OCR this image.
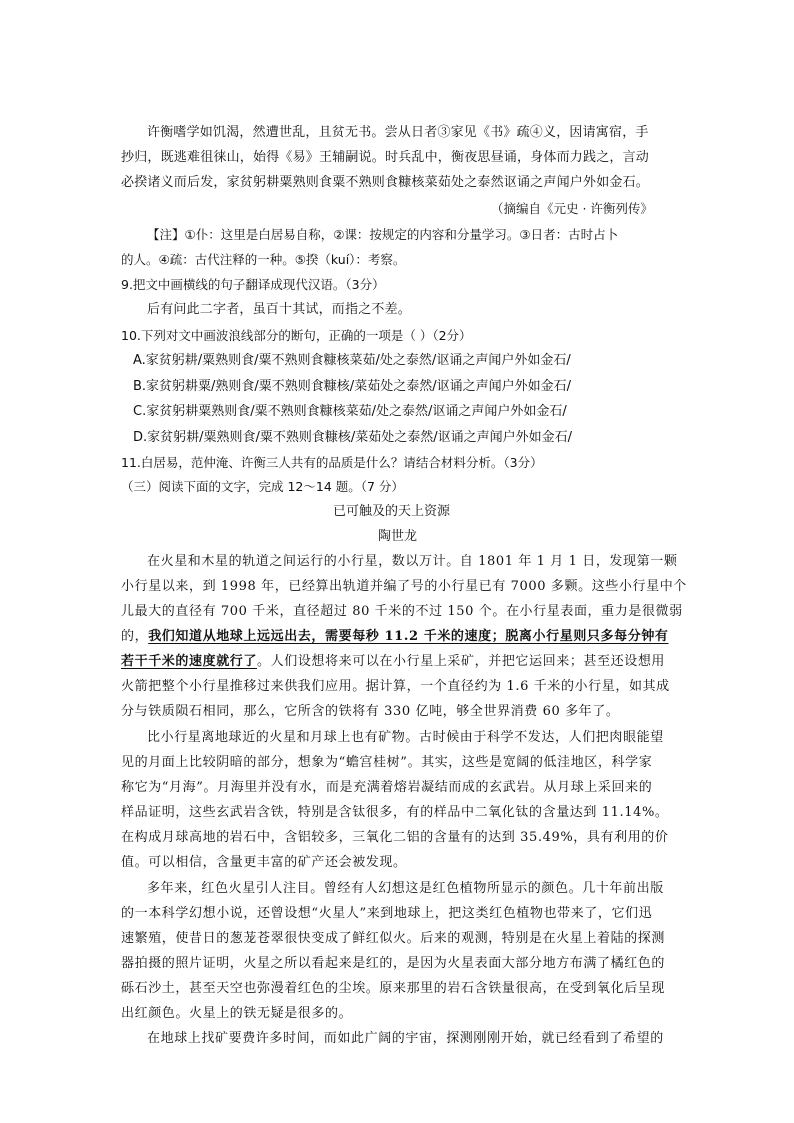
许衡嗜学如饥渴，然遭世乱，且贫无书。尝从日者③家见《书》疏④义，因请寓宿，手
抄归，既逃难徂徕山，始得《易》王辅嗣说。时兵乱中，衡夜思昼诵，身体而力践之，言动
必揆诸义而后发，家贫躬耕粟熟则食粟不熟则食糠核菜茹处之泰然讴诵之声闻户外如金石。
（摘编自《元史 · 许衡列传》
【注】①仆：这里是白居易自称，②课：按规定的内容和分量学习。③日者：古时占卜
的人。④疏：古代注释的一种。⑤揆（kuí）：考察。
9.把文中画横线的句子翻译成现代汉语。（3分）
后有问此二字者，虽百十其试，而指之不差。
10.下列对文中画波浪线部分的断句，正确的一项是（ ）（2分）
A.家贫躬耕/粟熟则食/粟不熟则食糠核菜茹/处之泰然/讴诵之声闻户外如金石/
B.家贫躬耕粟/熟则食/粟不熟则食糠核/菜茹处之泰然/讴诵之声闻户外如金石/
C.家贫躬耕粟熟则食/粟不熟则食糠核菜茹/处之泰然/讴诵之声闻户外如金石/
D.家贫躬耕/粟熟则食/粟不熟则食糠核/菜茹处之泰然/讴诵之声闻户外如金石/
11.白居易，范仲淹、许衡三人共有的品质是什么？请结合材料分析。（3分）
（三）阅读下面的文字，完成 12～14 题。（7 分）
已可触及的天上资源
陶世龙
在火星和木星的轨道之间运行的小行星，数以万计。自 1801 年 1 月 1 日，发现第一颗
小行星以来，到 1998 年，已经算出轨道并编了号的小行星已有 7000 多颗。这些小行星中个
儿最大的直径有 700 千米，直径超过 80 千米的不过 150 个。在小行星表面，重力是很微弱
的，我们知道从地球上远远出去，需要每秒 11.2 千米的速度；脱离小行星则只多每分钟有
若干千米的速度就行了。人们设想将来可以在小行星上采矿，并把它运回来；甚至还设想用
火箭把整个小行星推移过来供我们应用。据计算，一个直径约为 1.6 千米的小行星，如其成
分与铁质陨石相同，那么，它所含的铁将有 330 亿吨，够全世界消费 60 多年了。
比小行星离地球近的火星和月球上也有矿物。古时候由于科学不发达，人们把肉眼能望
见的月面上比较阴暗的部分，想象为“蟾宫桂树”。其实，这些是宽阔的低洼地区，科学家
称它为“月海”。月海里并没有水，而是充满着熔岩凝结而成的玄武岩。从月球上采回来的
样品证明，这些玄武岩含铁，特别是含钛很多，有的样品中二氧化钛的含量达到 11.14%。
在构成月球高地的岩石中，含铝较多，三氧化二铝的含量有的达到 35.49%，具有利用的价
值。可以相信，含量更丰富的矿产还会被发现。
多年来，红色火星引人注目。曾经有人幻想这是红色植物所显示的颜色。几十年前出版
的一本科学幻想小说，还曾设想“火星人”来到地球上，把这类红色植物也带来了，它们迅
速繁殖，使昔日的葱茏苍翠很快变成了鲜红似火。后来的观测，特别是在火星上着陆的探测
器拍摄的照片证明，火星之所以看起来是红的，是因为火星表面大部分地方布满了橘红色的
砾石沙土，甚至天空也弥漫着红色的尘埃。原来那里的岩石含铁量很高，在受到氧化后呈现
出红颜色。火星上的铁无疑是很多的。
在地球上找矿要费许多时间，而如此广阔的宇宙，探测刚刚开始，就已经看到了希望的
